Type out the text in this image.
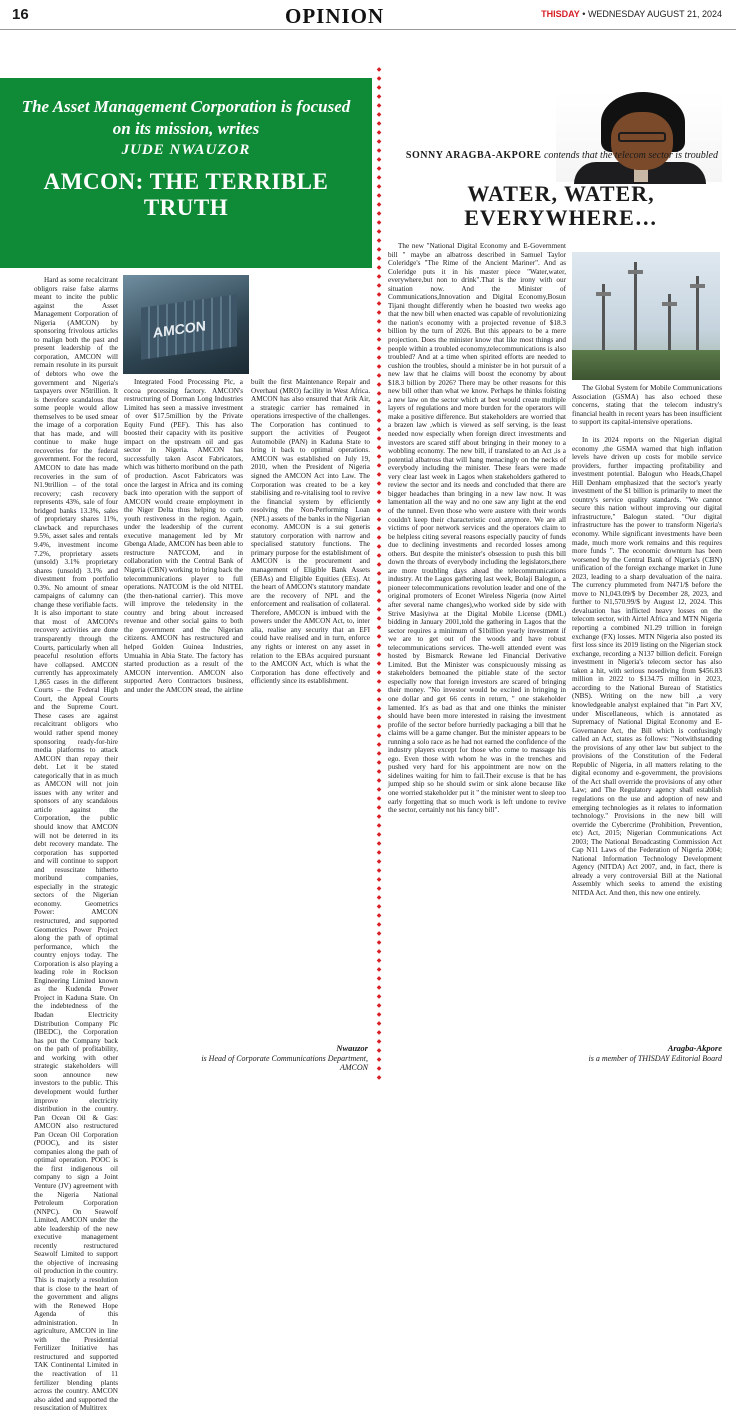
16	OPINION	THISDAY • WEDNESDAY AUGUST 21, 2024
The Asset Management Corporation is focused on its mission, writes
JUDE NWAUZOR
AMCON: THE TERRIBLE TRUTH

Hard as some recalcitrant obligors raise false alarms meant to incite the public against the Asset Management Corporation of Nigeria (AMCON) by sponsoring frivolous articles to malign both the past and present leadership of the corporation, AMCON will remain resolute in its pursuit of debtors who owe the government and Nigeria's taxpayers over N5trillion. It is therefore scandalous that some people would allow themselves to be used smear the image of a corporation that has made, and will continue to make huge recoveries for the federal government. For the record, AMCON to date has made recoveries in the sum of N1.9trillion – of the total recovery; cash recovery represents 43%, sale of four bridged banks 13.3%, sales of proprietary shares 11%, clawback and repurchases 9.5%, asset sales and rentals 9.4%, investment income 7.2%, proprietary assets (unsold) 3.1% proprietary shares (unsold) 3.1% and divestment from portfolio 0.3%. No amount of smear campaigns of calumny can change these verifiable facts. It is also important to state that most of AMCON's recovery activities are done transparently through the Courts, particularly when all peaceful resolution efforts have collapsed. AMCON currently has approximately 1,865 cases in the different Courts – the Federal High Court, the Appeal Courts and the Supreme Court. These cases are against recalcitrant obligors who would rather spend money sponsoring ready-for-hire media platforms to attack AMCON than repay their debt. Let it be stated categorically that in as much as AMCON will not join issues with any writer and sponsors of any scandalous article against the Corporation, the public should know that AMCON will not be deterred in its debt recovery mandate. The corporation has supported and will continue to support and resuscitate hitherto moribund companies, especially in the strategic sectors of the Nigerian economy. Geometrics Power: AMCON restructured, and supported Geometrics Power Project along the path of optimal performance, which the country enjoys today. The Corporation is also playing a leading role in Rockson Engineering Limited known as the Kudenda Power Project in Kaduna State. On the indebtedness of the Ibadan Electricity Distribution Company Plc (IBEDC), the Corporation has put the Company back on the path of profitability, and working with other strategic stakeholders will soon announce new investors to the public. This development would further improve electricity distribution in the country. Pan Ocean Oil & Gas: AMCON also restructured Pan Ocean Oil Corporation (POOC), and its sister companies along the path of optimal operation. POOC is the first indigenous oil company to sign a Joint Venture (JV) agreement with the Nigeria National Petroleum Corporation (NNPC). On Seawolf Limited, AMCON under the able leadership of the new executive management recently restructured Seawolf Limited to support the objective of increasing oil production in the country. This is majorly a resolution that is close to the heart of the government and aligns with the Renewed Hope Agenda of this administration. In agriculture, AMCON in line with the Presidential Fertilizer Initiative has restructured and supported TAK Continental Limited in the reactivation of 11 fertilizer blending plants across the country. AMCON also aided and supported the resuscitation of Multitrex

AMCON

Integrated Food Processing Plc, a cocoa processing factory. AMCON's restructuring of Dorman Long Industries Limited has seen a massive investment of over $17.5million by the Private Equity Fund (PEF). This has also boosted their capacity with its positive impact on the upstream oil and gas sector in Nigeria. AMCON has successfully taken Ascot Fabricators, which was hitherto moribund on the path of production. Ascot Fabricators was once the largest in Africa and its coming back into operation with the support of AMCON would create employment in the Niger Delta thus helping to curb youth restiveness in the region. Again, under the leadership of the current executive management led by Mr Gbenga Alade, AMCON has been able to restructure NATCOM, and in collaboration with the Central Bank of Nigeria (CBN) working to bring back the telecommunications player to full operations. NATCOM is the old NITEL (the then-national carrier). This move will improve the teledensity in the country and bring about increased revenue and other social gains to both the government and the Nigerian citizens. AMCON has restructured and helped Golden Guinea Industries, Umuahia in Abia State. The factory has started production as a result of the AMCON intervention. AMCON also supported Aero Contractors business, and under the AMCON stead, the airline built the first Maintenance Repair and Overhaul (MRO) facility in West Africa. AMCON has also ensured that Arik Air, a strategic carrier has remained in operations irrespective of the challenges. The Corporation has continued to support the activities of Peugeot Automobile (PAN) in Kaduna State to bring it back to optimal operations. AMCON was established on July 19, 2010, when the President of Nigeria signed the AMCON Act into Law. The Corporation was created to be a key stabilising and re-vitalising tool to revive the financial system by efficiently resolving the Non-Performing Loan (NPL) assets of the banks in the Nigerian economy. AMCON is a sui generis statutory corporation with narrow and specialised statutory functions. The primary purpose for the establishment of AMCON is the procurement and management of Eligible Bank Assets (EBAs) and Eligible Equities (EEs). At the heart of AMCON's statutory mandate are the recovery of NPL and the enforcement and realisation of collateral. Therefore, AMCON is imbued with the powers under the AMCON Act, to, inter alia, realise any security that an EFI could have realised and in turn, enforce any rights or interest on any asset in relation to the EBAs acquired pursuant to the AMCON Act, which is what the Corporation has done effectively and efficiently since its establishment.

Nwauzor
is Head of Corporate Communications Department, AMCON
◆
◆
◆
◆
◆
◆
◆
◆
◆
◆
◆
◆
◆
◆
◆
◆
◆
◆
◆
◆
◆
◆
◆
◆
◆
◆
◆
◆
◆
◆
◆
◆
◆
◆
◆
◆
◆
◆
◆
◆
◆
◆
◆
◆
◆
◆
◆
◆
◆
◆
◆
◆
◆
◆
◆
◆
◆
◆
◆
◆
◆
◆
◆
◆
◆
◆
◆
◆
◆
◆
◆
◆
◆
◆
◆
◆
◆
◆
◆
◆
◆
◆
◆
◆
◆
◆
◆
◆
◆
◆
◆
◆
◆
◆
◆
◆
◆
◆
◆
◆
◆
◆
◆
◆
◆
◆
◆
◆
◆
◆
◆
◆
◆
SONNY ARAGBA-AKPORE contends that the telecom sector is troubled
WATER, WATER, EVERYWHERE…

The new "National Digital Economy and E-Government bill " maybe an albatross described in Samuel Taylor Coleridge's "The Rime of the Ancient Mariner". And as Coleridge puts it in his master piece "Water,water, everywhere,but non to drink".That is the irony with our situation now. And the Minister of Communications,Innovation and Digital Economy,Bosun Tijani thought differently when he boasted two weeks ago that the new bill when enacted was capable of revolutionizing the nation's economy with a projected revenue of $18.3 billion by the turn of 2026. But this appears to be a mere projection. Does the minister know that like most things and people within a troubled economy,telecommunications is also troubled? And at a time when spirited efforts are needed to cushion the troubles, should a minister be in hot pursuit of a new law that he claims will boost the economy by about $18.3 billion by 2026? There may be other reasons for this new bill other than what we know. Perhaps he thinks foisting a new law on the sector which at best would create multiple layers of regulations and more burden for the operators will make a positive difference. But stakeholders are worried that a brazen law ,which is viewed as self serving, is the least needed now especially when foreign direct investments and investors are scared stiff about bringing in their money to a wobbling economy. The new bill, if translated to an Act ,is a potential albatross that will hang menacingly on the necks of everybody including the minister. These fears were made very clear last week in Lagos when stakeholders gathered to review the sector and its needs and concluded that there are bigger headaches than bringing in a new law now. It was lamentation all the way and no one saw any light at the end of the tunnel. Even those who were austere with their words couldn't keep their characteristic cool anymore. We are all victims of poor network services and the operators claim to be helpless citing several reasons especially paucity of funds due to declining investments and recorded losses among others. But despite the minister's obsession to push this bill down the throats of everybody including the legislators,there are more troubling days ahead the telecommunications industry. At the Lagos gathering last week, Bolaji Balogun, a pioneer telecommunications revolution leader and one of the original promoters of Econet Wireless Nigeria (now Airtel after several name changes),who worked side by side with Strive Masiyiwa at the Digital Mobile License (DML) bidding in January 2001,told the gathering in Lagos that the sector requires a minimum of $1billion yearly investment if we are to get out of the woods and have robust telecommunications services. The-well attended event was hosted by Bismarck Rewane led Financial Derivative Limited. But the Minister was conspicuously missing as stakeholders bemoaned the pitiable state of the sector especially now that foreign investors are scared of bringing their money. "No investor would be excited in bringing in one dollar and get 66 cents in return, " one stakeholder lamented. It's as bad as that and one thinks the minister should have been more interested in raising the investment profile of the sector before hurriedly packaging a bill that he claims will be a game changer. But the minister appears to be running a solo race as he had not earned the confidence of the industry players except for those who come to massage his ego. Even those with whom he was in the trenches and pushed very hard for his appointment are now on the sidelines waiting for him to fail.Their excuse is that he has jumped ship so he should swim or sink alone because like one worried stakeholder put it " the minister went to sleep too early forgetting that so much work is left undone to revive the sector, certainly not his fancy bill".

The Global System for Mobile Communications Association (GSMA) has also echoed these concerns, stating that the telecom industry's financial health in recent years has been insufficient to support its capital-intensive operations.

In its 2024 reports on the Nigerian digital economy ,the GSMA warned that high inflation levels have driven up costs for mobile service providers, further impacting profitability and investment potential. Balogun who Heads,Chapel Hill Denham emphasized that the sector's yearly investment of the $1 billion is primarily to meet the country's service quality standards. "We cannot secure this nation without improving our digital infrastructure," Balogun stated. "Our digital infrastructure has the power to transform Nigeria's economy. While significant investments have been made, much more work remains and this requires more funds ". The economic downturn has been worsened by the Central Bank of Nigeria's (CBN) unification of the foreign exchange market in June 2023, leading to a sharp devaluation of the naira. The currency plummeted from N471/$ before the move to N1,043.09/$ by December 28, 2023, and further to N1,570.99/$ by August 12, 2024. This devaluation has inflicted heavy losses on the telecom sector, with Airtel Africa and MTN Nigeria reporting a combined N1.29 trillion in foreign exchange (FX) losses. MTN Nigeria also posted its first loss since its 2019 listing on the Nigerian stock exchange, recording a N137 billion deficit. Foreign investment in Nigeria's telecom sector has also taken a hit, with serious nosediving from $456.83 million in 2022 to $134.75 million in 2023, according to the National Bureau of Statistics (NBS). Writing on the new bill ,a very knowledgeable analyst explained that "in Part XV, under Miscellaneous, which is annotated as Supremacy of National Digital Economy and E-Governance Act, the Bill which is confusingly called an Act, states as follows: "Notwithstanding the provisions of any other law but subject to the provisions of the Constitution of the Federal Republic of Nigeria, in all matters relating to the digital economy and e-government, the provisions of the Act shall override the provisions of any other Law; and The Regulatory agency shall establish regulations on the use and adoption of new and emerging technologies as it relates to information technology." Provisions in the new bill will override the Cybercrime (Prohibition, Prevention, etc) Act, 2015; Nigerian Communications Act 2003; The National Broadcasting Commission Act Cap N11 Laws of the Federation of Nigeria 2004; National Information Technology Development Agency (NITDA) Act 2007, and, in fact, there is already a very controversial Bill at the National Assembly which seeks to amend the existing NITDA Act. And then, this new one entirely.

Aragba-Akpore
is a member of THISDAY Editorial Board
